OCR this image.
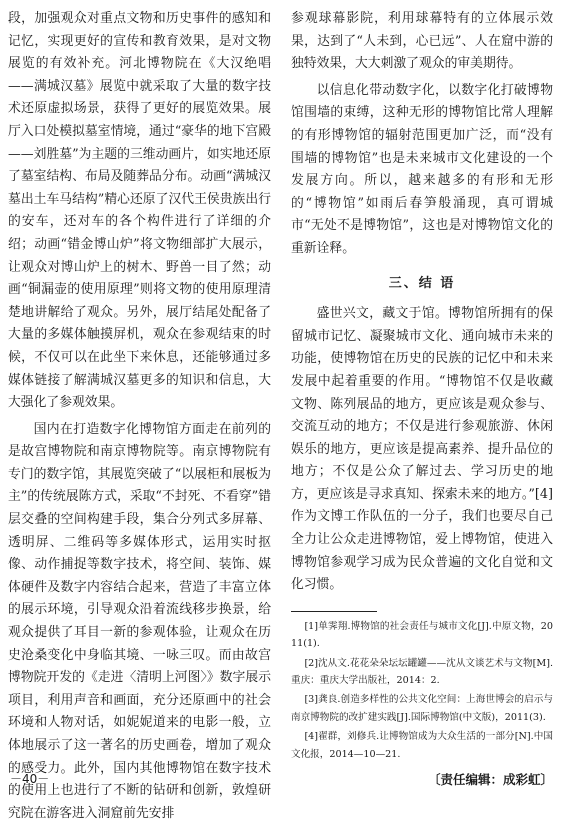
段，加强观众对重点文物和历史事件的感知和记忆，实现更好的宣传和教育效果，是对文物展览的有效补充。河北博物院在《大汉绝唱——满城汉墓》展览中就采取了大量的数字技术还原虚拟场景，获得了更好的展览效果。展厅入口处模拟墓室情境，通过“豪华的地下宫殿——刘胜墓”为主题的三维动画片，如实地还原了墓室结构、布局及随葬品分布。动画“满城汉墓出土车马结构”精心还原了汉代王侯贵族出行的安车，还对车的各个构件进行了详细的介绍；动画“错金博山炉”将文物细部扩大展示，让观众对博山炉上的树木、野兽一目了然；动画“铜漏壶的使用原理”则将文物的使用原理清楚地讲解给了观众。另外，展厅结尾处配备了大量的多媒体触摸屏机，观众在参观结束的时候，不仅可以在此坐下来休息，还能够通过多媒体链接了解满城汉墓更多的知识和信息，大大强化了参观效果。

国内在打造数字化博物馆方面走在前列的是故宫博物院和南京博物院等。南京博物院有专门的数字馆，其展览突破了“以展柜和展板为主”的传统展陈方式，采取“不封死、不看穿”错层交叠的空间构建手段，集合分列式多屏幕、透明屏、二维码等多媒体形式，运用实时抠像、动作捕捉等数字技术，将空间、装饰、媒体硬件及数字内容结合起来，营造了丰富立体的展示环境，引导观众沿着流线移步换景，给观众提供了耳目一新的参观体验，让观众在历史沧桑变化中身临其境、一咏三叹。而由故宫博物院开发的《走进〈清明上河图〉》数字展示项目，利用声音和画面，充分还原画中的社会环境和人物对话，如妮妮道来的电影一般，立体地展示了这一著名的历史画卷，增加了观众的感受力。此外，国内其他博物馆在数字技术的使用上也进行了不断的钻研和创新，敦煌研究院在游客进入洞窟前先安排

参观球幕影院，利用球幕特有的立体展示效果，达到了“人未到，心已远”、人在窟中游的独特效果，大大刺激了观众的审美期待。

以信息化带动数字化，以数字化打破博物馆围墙的束缚，这种无形的博物馆比常人理解的有形博物馆的辐射范围更加广泛，而“没有围墙的博物馆”也是未来城市文化建设的一个发展方向。所以，越来越多的有形和无形的“博物馆”如雨后春笋般涌现，真可谓城市“无处不是博物馆”，这也是对博物馆文化的重新诠释。

三、结 语

盛世兴文，藏文于馆。博物馆所拥有的保留城市记忆、凝聚城市文化、通向城市未来的功能，使博物馆在历史的民族的记忆中和未来发展中起着重要的作用。“博物馆不仅是收藏文物、陈列展品的地方，更应该是观众参与、交流互动的地方；不仅是进行参观旅游、休闲娱乐的地方，更应该是提高素养、提升品位的地方；不仅是公众了解过去、学习历史的地方，更应该是寻求真知、探索未来的地方。”[4]作为文博工作队伍的一分子，我们也要尽自己全力让公众走进博物馆，爱上博物馆，使进入博物馆参观学习成为民众普遍的文化自觉和文化习惯。

[1]单霁翔.博物馆的社会责任与城市文化[J].中原文物，2011(1).

[2]沈从文.花花朵朵坛坛罐罐——沈从文谈艺术与文物[M].重庆：重庆大学出版社，2014：2.

[3]龚良.创造多样性的公共文化空间：上海世博会的启示与南京博物院的改扩建实践[J].国际博物馆(中文版)，2011(3).

[4]翟群，刘修兵.让博物馆成为大众生活的一部分[N].中国文化报，2014—10—21.

〔责任编辑：成彩虹〕
－40－
